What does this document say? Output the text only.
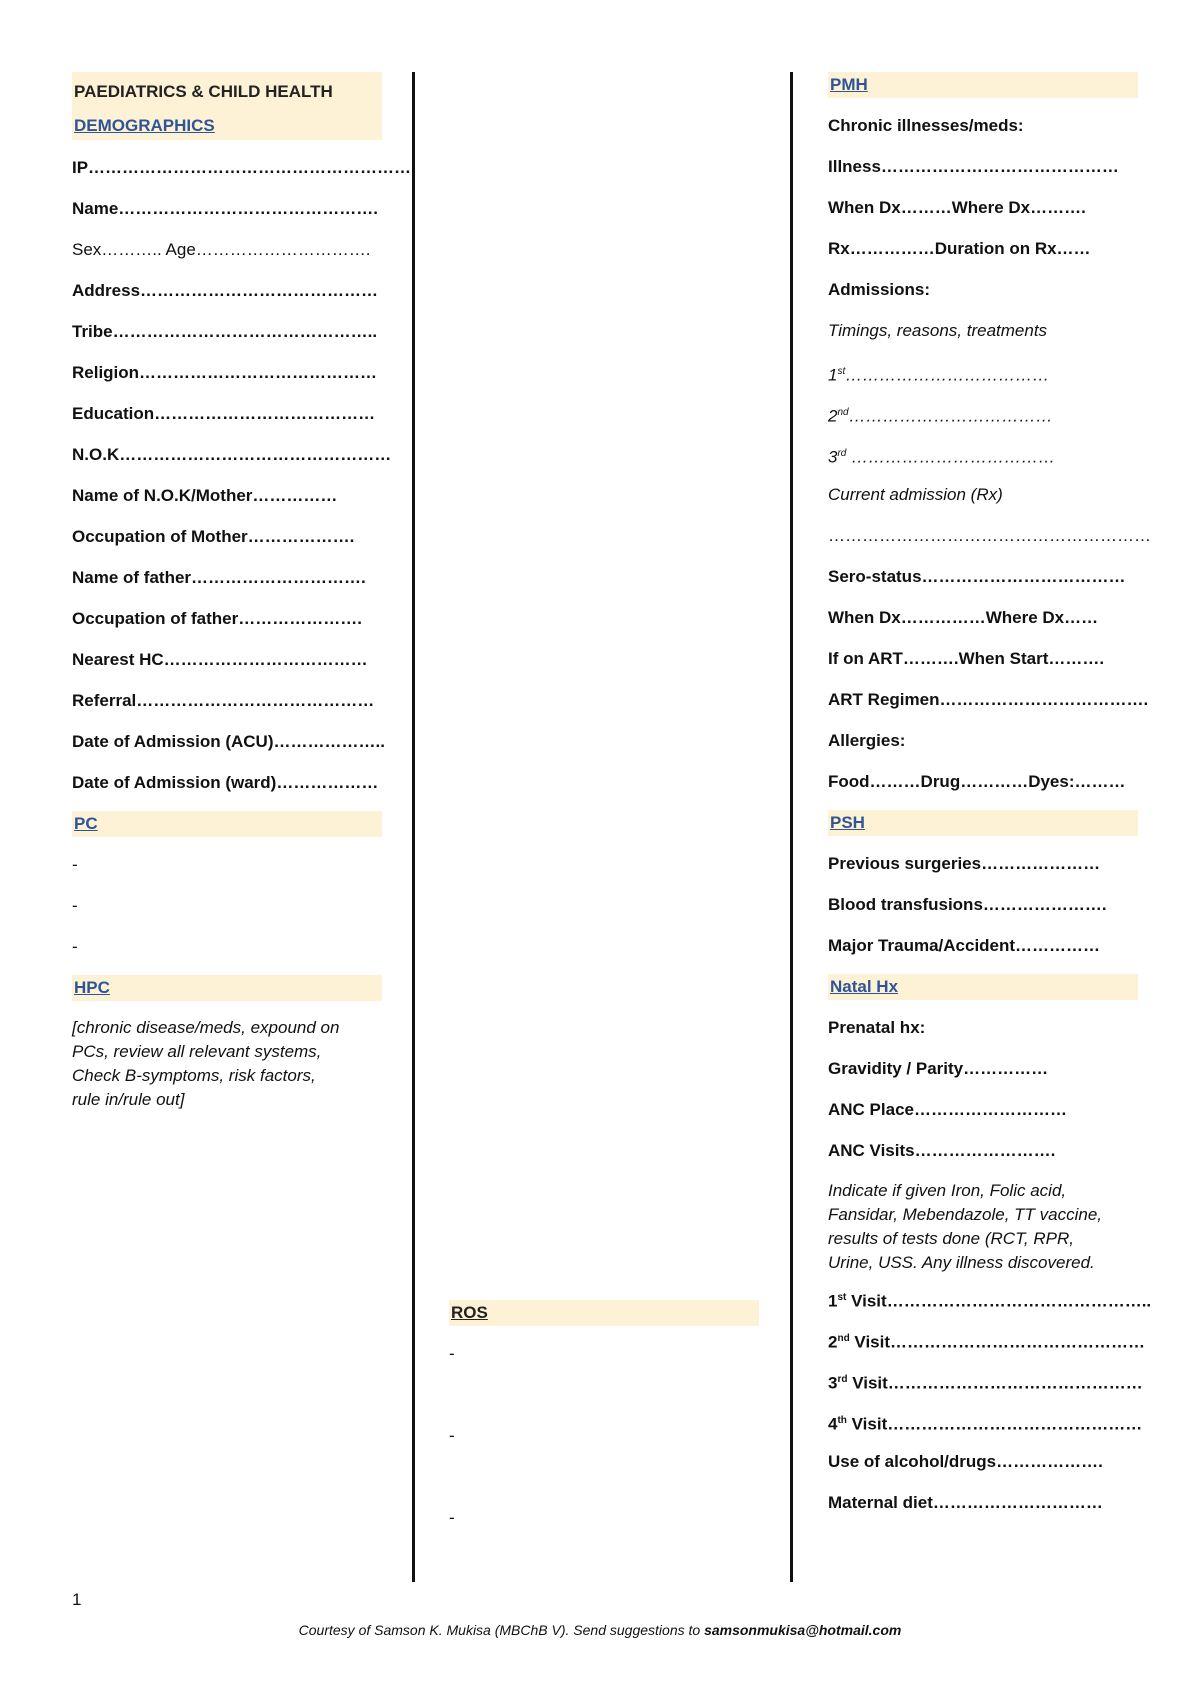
PAEDIATRICS & CHILD HEALTH
DEMOGRAPHICS
IP…………………………………………………
Name……………………………………….
Sex……….. Age………………………….
Address……………………………………
Tribe………………………………………..
Religion……………………………………
Education…………………………………
N.O.K…………………………………………
Name of N.O.K/Mother……………
Occupation of Mother……………….
Name of father………………………….
Occupation of father………………….
Nearest HC………………………………
Referral……………………………………
Date of Admission (ACU)………………..
Date of Admission (ward)………………
PC
-
-
-
HPC
[chronic disease/meds, expound on
PCs, review all relevant systems,
Check B-symptoms, risk factors,
rule in/rule out]
ROS
-
-
-
PMH
Chronic illnesses/meds:
Illness……………………………………
When Dx………Where Dx……….
Rx……………Duration on Rx……
Admissions:
Timings, reasons, treatments
1st………………………………
2nd………………………………
3rd ………………………………
Current admission (Rx)
…………………………………………………
Sero-status………………………………
When Dx……………Where Dx……
If on ART……….When Start……….
ART Regimen……………………………….
Allergies:
Food………Drug…………Dyes:………
PSH
Previous surgeries…………………
Blood transfusions………………….
Major Trauma/Accident……………
Natal Hx
Prenatal hx:
Gravidity / Parity……………
ANC Place………………………
ANC Visits…………………….
Indicate if given Iron, Folic acid,
Fansidar, Mebendazole, TT vaccine,
results of tests done (RCT, RPR,
Urine, USS. Any illness discovered.
1st Visit………………………………………..
2nd Visit………………………………………
3rd Visit………………………………………
4th Visit………………………………………
Use of alcohol/drugs……………….
Maternal diet…………………………
1
Courtesy of Samson K. Mukisa (MBChB V). Send suggestions to samsonmukisa@hotmail.com
